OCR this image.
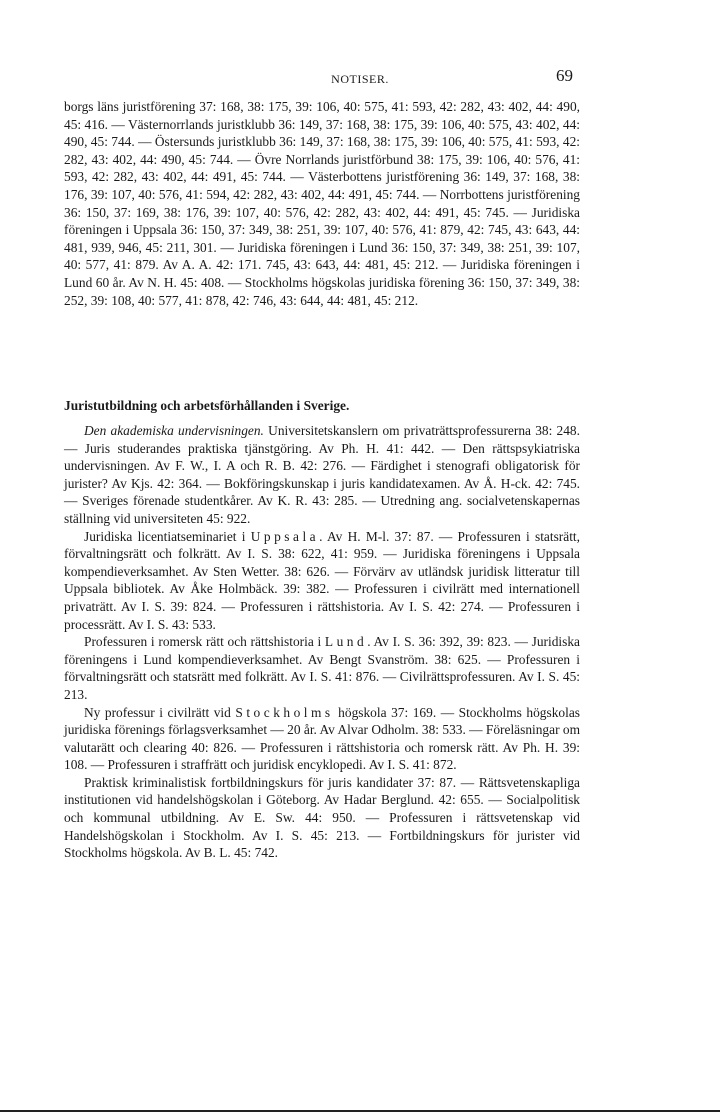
NOTISER.	69

borgs läns juristförening 37: 168, 38: 175, 39: 106, 40: 575, 41: 593, 42: 282, 43: 402, 44: 490, 45: 416. — Västernorrlands juristklubb 36: 149, 37: 168, 38: 175, 39: 106, 40: 575, 43: 402, 44: 490, 45: 744. — Östersunds juristklubb 36: 149, 37: 168, 38: 175, 39: 106, 40: 575, 41: 593, 42: 282, 43: 402, 44: 490, 45: 744. — Övre Norrlands juristförbund 38: 175, 39: 106, 40: 576, 41: 593, 42: 282, 43: 402, 44: 491, 45: 744. — Västerbottens juristförening 36: 149, 37: 168, 38: 176, 39: 107, 40: 576, 41: 594, 42: 282, 43: 402, 44: 491, 45: 744. — Norrbottens juristförening 36: 150, 37: 169, 38: 176, 39: 107, 40: 576, 42: 282, 43: 402, 44: 491, 45: 745. — Juridiska föreningen i Uppsala 36: 150, 37: 349, 38: 251, 39: 107, 40: 576, 41: 879, 42: 745, 43: 643, 44: 481, 939, 946, 45: 211, 301. — Juridiska föreningen i Lund 36: 150, 37: 349, 38: 251, 39: 107, 40: 577, 41: 879. Av A. A. 42: 171. 745, 43: 643, 44: 481, 45: 212. — Juridiska föreningen i Lund 60 år. Av N. H. 45: 408. — Stockholms högskolas juridiska förening 36: 150, 37: 349, 38: 252, 39: 108, 40: 577, 41: 878, 42: 746, 43: 644, 44: 481, 45: 212.

Juristutbildning och arbetsförhållanden i Sverige.

Den akademiska undervisningen. Universitetskanslern om privaträttsprofessurerna 38: 248. — Juris studerandes praktiska tjänstgöring. Av Ph. H. 41: 442. — Den rättspsykiatriska undervisningen. Av F. W., I. A och R. B. 42: 276. — Färdighet i stenografi obligatorisk för jurister? Av Kjs. 42: 364. — Bokföringskunskap i juris kandidatexamen. Av Å. H-ck. 42: 745. — Sveriges förenade studentkårer. Av K. R. 43: 285. — Utredning ang. socialvetenskapernas ställning vid universiteten 45: 922.

Juridiska licentiatseminariet i Uppsala. Av H. M-l. 37: 87. — Professuren i statsrätt, förvaltningsrätt och folkrätt. Av I. S. 38: 622, 41: 959. — Juridiska föreningens i Uppsala kompendieverksamhet. Av Sten Wetter. 38: 626. — Förvärv av utländsk juridisk litteratur till Uppsala bibliotek. Av Åke Holmbäck. 39: 382. — Professuren i civilrätt med internationell privaträtt. Av I. S. 39: 824. — Professuren i rättshistoria. Av I. S. 42: 274. — Professuren i processrätt. Av I. S. 43: 533.

Professuren i romersk rätt och rättshistoria i Lund. Av I. S. 36: 392, 39: 823. — Juridiska föreningens i Lund kompendieverksamhet. Av Bengt Svanström. 38: 625. — Professuren i förvaltningsrätt och statsrätt med folkrätt. Av I. S. 41: 876. — Civilrättsprofessuren. Av I. S. 45: 213.

Ny professur i civilrätt vid Stockholms högskola 37: 169. — Stockholms högskolas juridiska förenings förlagsverksamhet — 20 år. Av Alvar Odholm. 38: 533. — Föreläsningar om valutarätt och clearing 40: 826. — Professuren i rättshistoria och romersk rätt. Av Ph. H. 39: 108. — Professuren i straffrätt och juridisk encyklopedi. Av I. S. 41: 872.

Praktisk kriminalistisk fortbildningskurs för juris kandidater 37: 87. — Rättsvetenskapliga institutionen vid handelshögskolan i Göteborg. Av Hadar Berglund. 42: 655. — Socialpolitisk och kommunal utbildning. Av E. Sw. 44: 950. — Professuren i rättsvetenskap vid Handelshögskolan i Stockholm. Av I. S. 45: 213. — Fortbildningskurs för jurister vid Stockholms högskola. Av B. L. 45: 742.
